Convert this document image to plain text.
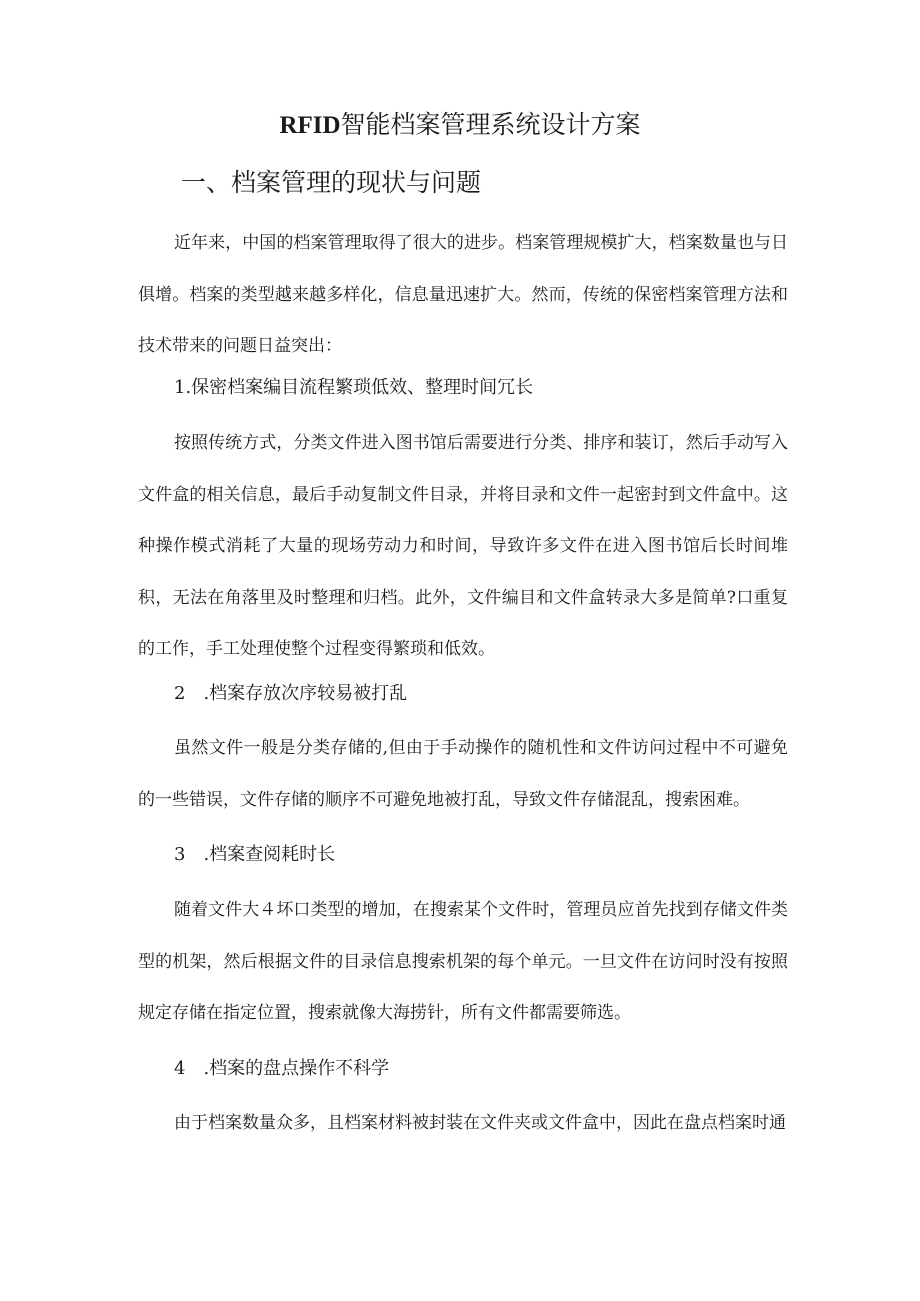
RFID智能档案管理系统设计方案
一、档案管理的现状与问题
近年来，中国的档案管理取得了很大的进步。档案管理规模扩大，档案数量也与日俱增。档案的类型越来越多样化，信息量迅速扩大。然而，传统的保密档案管理方法和技术带来的问题日益突出：
1.保密档案编目流程繁琐低效、整理时间冗长
按照传统方式，分类文件进入图书馆后需要进行分类、排序和装订，然后手动写入文件盒的相关信息，最后手动复制文件目录，并将目录和文件一起密封到文件盒中。这种操作模式消耗了大量的现场劳动力和时间，导致许多文件在进入图书馆后长时间堆积，无法在角落里及时整理和归档。此外，文件编目和文件盒转录大多是简单?口重复的工作，手工处理使整个过程变得繁琐和低效。
2　.档案存放次序较易被打乱
虽然文件一般是分类存储的,但由于手动操作的随机性和文件访问过程中不可避免的一些错误，文件存储的顺序不可避免地被打乱，导致文件存储混乱，搜索困难。
3　.档案查阅耗时长
随着文件大４坏口类型的增加，在搜索某个文件时，管理员应首先找到存储文件类型的机架，然后根据文件的目录信息搜索机架的每个单元。一旦文件在访问时没有按照规定存储在指定位置，搜索就像大海捞针，所有文件都需要筛选。
4　.档案的盘点操作不科学
由于档案数量众多，且档案材料被封装在文件夹或文件盒中，因此在盘点档案时通
